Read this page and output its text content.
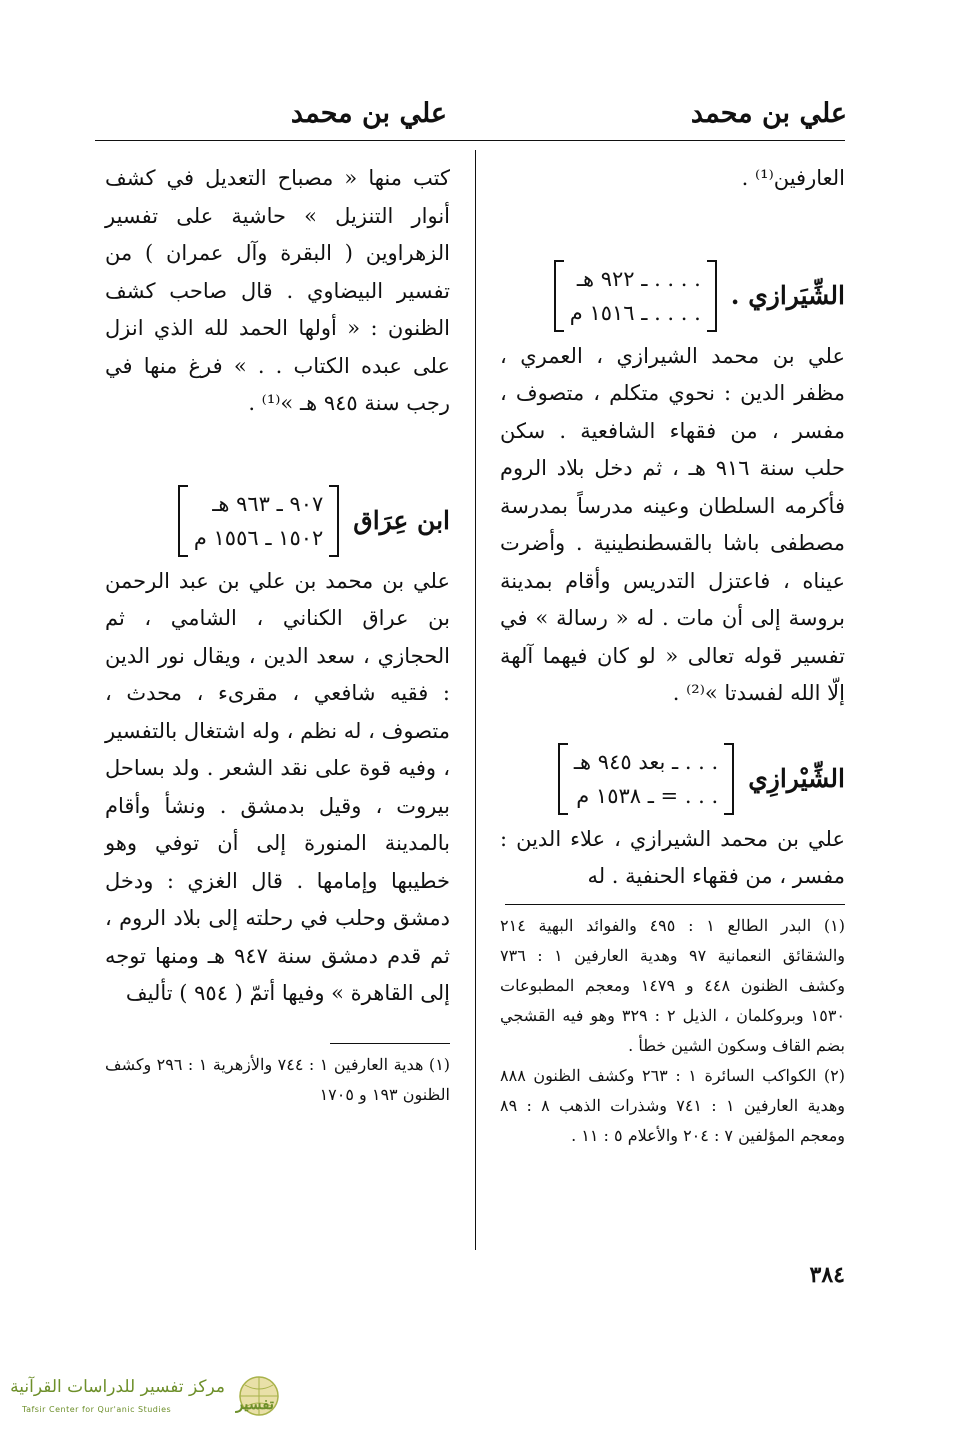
علي بن محمد
علي بن محمد

العارفين⁽¹⁾ .

الشِّيَرازي .
. . . . ـ ٩٢٢ هـ
. . . . ـ ١٥١٦ م

علي بن محمد الشيرازي ، العمري ، مظفر الدين : نحوي متكلم ، متصوف ، مفسر ، من فقهاء الشافعية . سكن حلب سنة ٩١٦ هـ ، ثم دخل بلاد الروم فأكرمه السلطان وعينه مدرساً بمدرسة مصطفى باشا بالقسطنطينية . وأضرت عيناه ، فاعتزل التدريس وأقام بمدينة بروسة إلى أن مات . له « رسالة » في تفسير قوله تعالى « لو كان فيهما آلهة إلّا الله لفسدتا »⁽²⁾ .

الشِّيْرازِي
. . . ـ بعد ٩٤٥ هـ
. . . = ـ ١٥٣٨ م

علي بن محمد الشيرازي ، علاء الدين : مفسر ، من فقهاء الحنفية . له

(١) البدر الطالع ١ : ٤٩٥ والفوائد البهية ٢١٤ والشقائق النعمانية ٩٧ وهدية العارفين ١ : ٧٣٦ وكشف الظنون ٤٤٨ و ١٤٧٩ ومعجم المطبوعات ١٥٣٠ وبروكلمان ، الذيل ٢ : ٣٢٩ وهو فيه القشجي بضم القاف وسكون الشين خطأ .

(٢) الكواكب السائرة ١ : ٢٦٣ وكشف الظنون ٨٨٨ وهدية العارفين ١ : ٧٤١ وشذرات الذهب ٨ : ٨٩ ومعجم المؤلفين ٧ : ٢٠٤ والأعلام ٥ : ١١ .

كتب منها « مصباح التعديل في كشف أنوار التنزيل » حاشية على تفسير الزهراوين ( البقرة وآل عمران ) من تفسير البيضاوي . قال صاحب كشف الظنون : « أولها الحمد لله الذي انزل على عبده الكتاب . . » فرغ منها في رجب سنة ٩٤٥ هـ »⁽¹⁾ .

ابن عِرَاق
٩٠٧ ـ ٩٦٣ هـ
١٥٠٢ ـ ١٥٥٦ م

علي بن محمد بن علي بن عبد الرحمن بن عراق الكناني ، الشامي ، ثم الحجازي ، سعد الدين ، ويقال نور الدين : فقيه شافعي ، مقرىء ، محدث ، متصوف ، له نظم ، وله اشتغال بالتفسير ، وفيه قوة على نقد الشعر . ولد بساحل بيروت ، وقيل بدمشق . ونشأ وأقام بالمدينة المنورة إلى أن توفي وهو خطيبها وإمامها . قال الغزي : ودخل دمشق وحلب في رحلته إلى بلاد الروم ، ثم قدم دمشق سنة ٩٤٧ هـ ومنها توجه إلى القاهرة » وفيها أتمّ ( ٩٥٤ ) تأليف

(١) هدية العارفين ١ : ٧٤٤ والأزهرية ١ : ٢٩٦ وكشف الظنون ١٩٣ و ١٧٠٥

٣٨٤
مركز تفسير للدراسات القرآنية
Tafsir Center for Qur'anic Studies	تفسير
